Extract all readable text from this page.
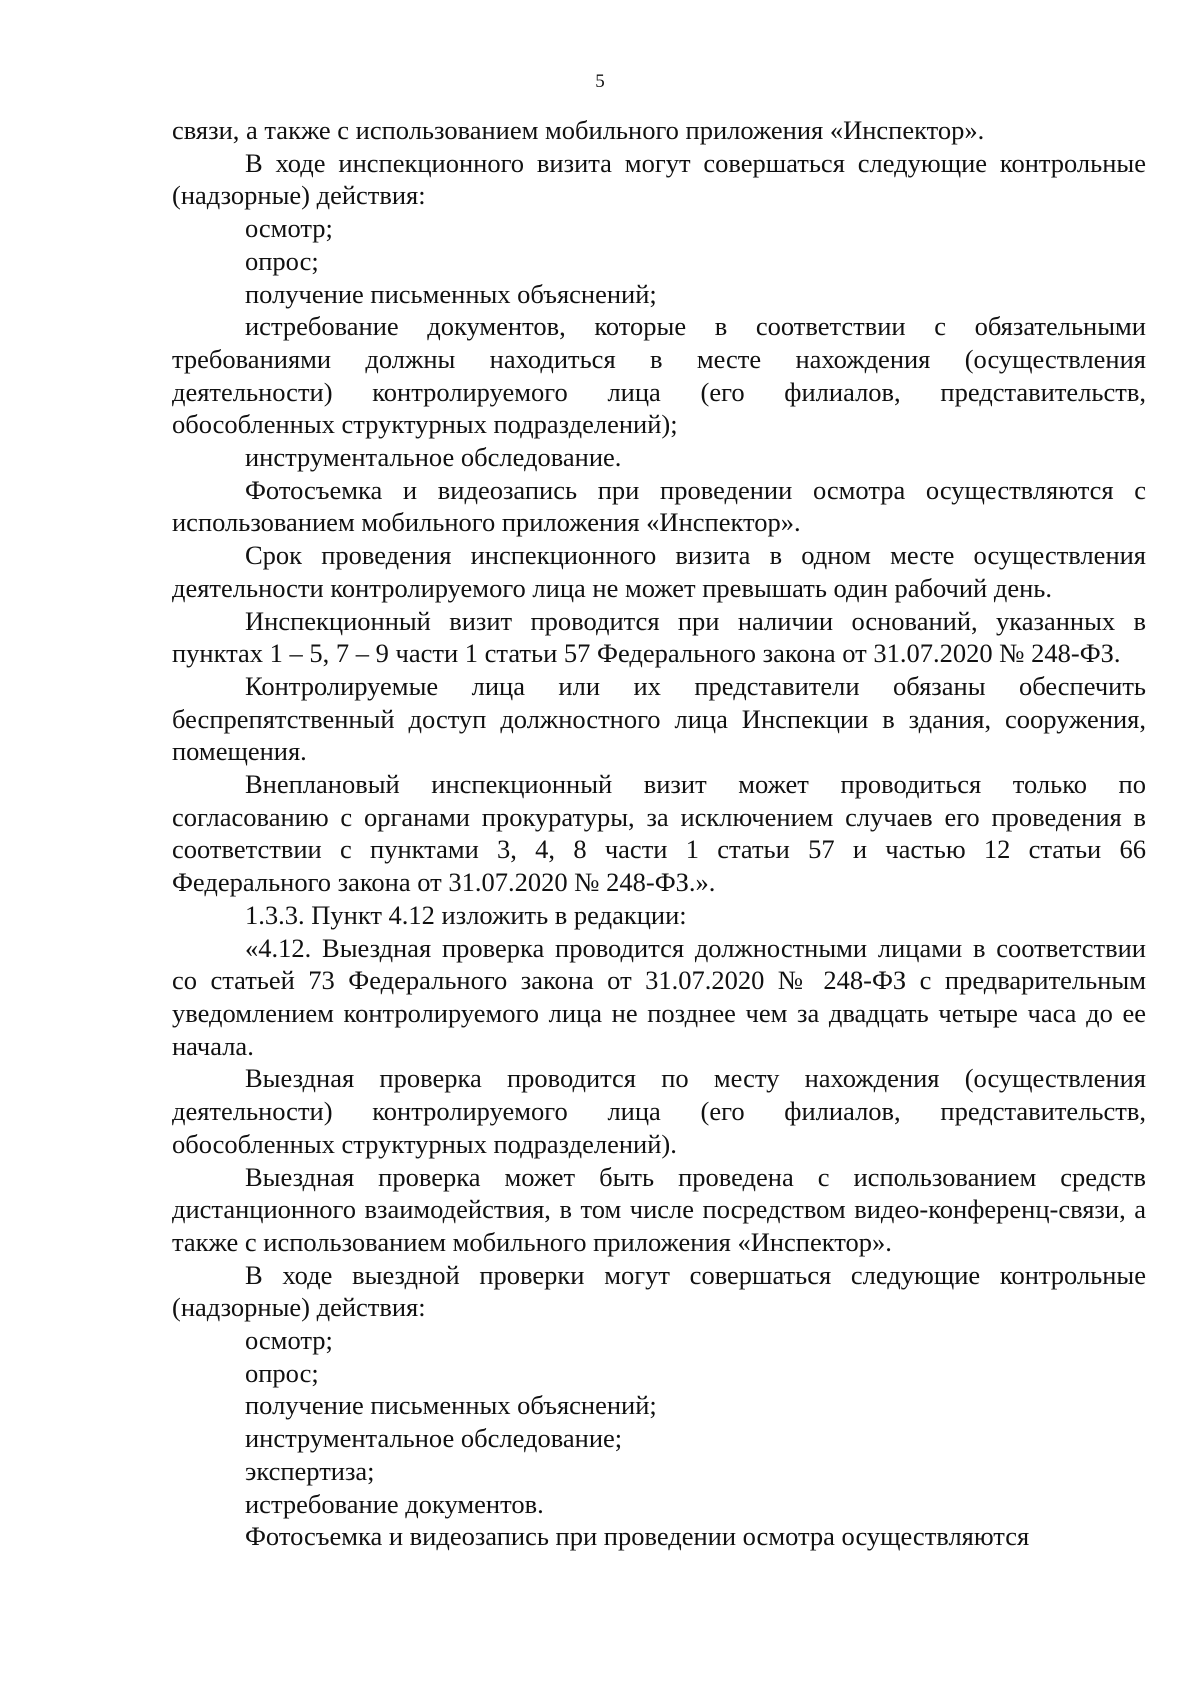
5

связи, а также с использованием мобильного приложения «Инспектор».

В ходе инспекционного визита могут совершаться следующие контрольные (надзорные) действия:

осмотр;

опрос;

получение письменных объяснений;

истребование документов, которые в соответствии с обязательными требованиями должны находиться в месте нахождения (осуществления деятельности) контролируемого лица (его филиалов, представительств, обособленных структурных подразделений);

инструментальное обследование.

Фотосъемка и видеозапись при проведении осмотра осуществляются с использованием мобильного приложения «Инспектор».

Срок проведения инспекционного визита в одном месте осуществления деятельности контролируемого лица не может превышать один рабочий день.

Инспекционный визит проводится при наличии оснований, указанных в пунктах 1 – 5, 7 – 9 части 1 статьи 57 Федерального закона от 31.07.2020 № 248-ФЗ.

Контролируемые лица или их представители обязаны обеспечить беспрепятственный доступ должностного лица Инспекции в здания, сооружения, помещения.

Внеплановый инспекционный визит может проводиться только по согласованию с органами прокуратуры, за исключением случаев его проведения в соответствии с пунктами 3, 4, 8 части 1 статьи 57 и частью 12 статьи 66 Федерального закона от 31.07.2020 № 248-ФЗ.».

1.3.3. Пункт 4.12 изложить в редакции:

«4.12. Выездная проверка проводится должностными лицами в соответствии со статьей 73 Федерального закона от 31.07.2020 № 248-ФЗ с предварительным уведомлением контролируемого лица не позднее чем за двадцать четыре часа до ее начала.

Выездная проверка проводится по месту нахождения (осуществления деятельности) контролируемого лица (его филиалов, представительств, обособленных структурных подразделений).

Выездная проверка может быть проведена с использованием средств дистанционного взаимодействия, в том числе посредством видео-конференц-связи, а также с использованием мобильного приложения «Инспектор».

В ходе выездной проверки могут совершаться следующие контрольные (надзорные) действия:

осмотр;

опрос;

получение письменных объяснений;

инструментальное обследование;

экспертиза;

истребование документов.

Фотосъемка и видеозапись при проведении осмотра осуществляются
